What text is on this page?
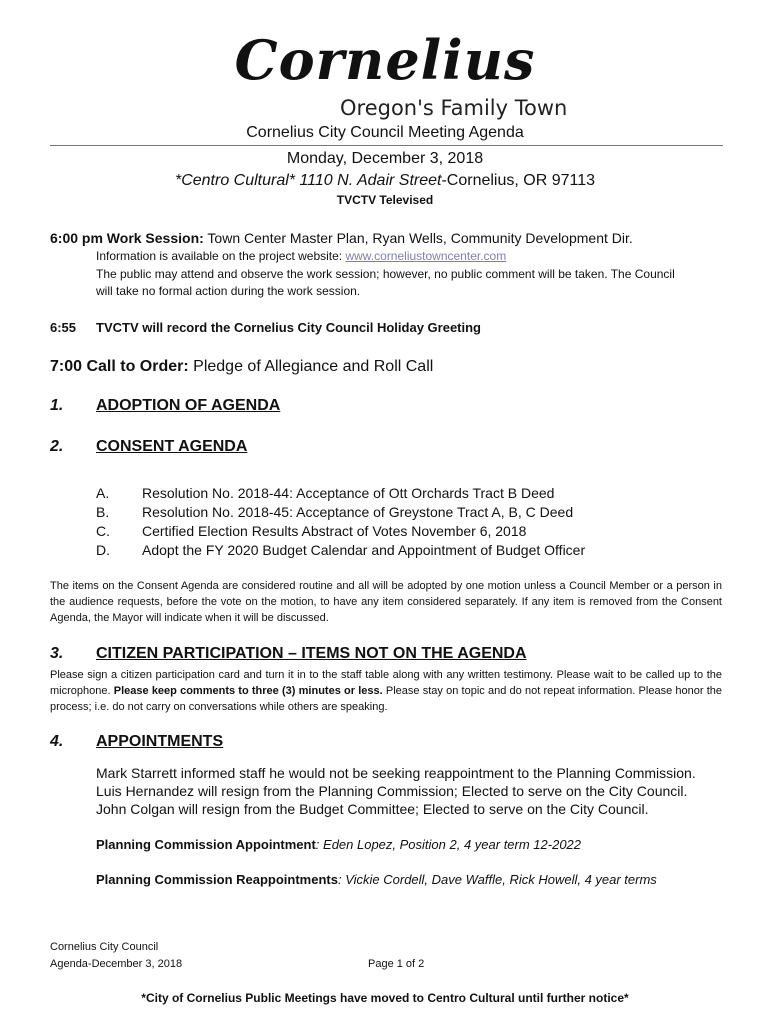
Cornelius
Oregon's Family Town
Cornelius City Council Meeting Agenda
Monday, December 3, 2018
*Centro Cultural* 1110 N. Adair Street-Cornelius, OR 97113
TVCTV Televised
6:00 pm Work Session: Town Center Master Plan, Ryan Wells, Community Development Dir.
Information is available on the project website: www.corneliustowncenter.com
The public may attend and observe the work session; however, no public comment will be taken. The Council
will take no formal action during the work session.
6:55 TVCTV will record the Cornelius City Council Holiday Greeting
7:00 Call to Order: Pledge of Allegiance and Roll Call
1. ADOPTION OF AGENDA
2. CONSENT AGENDA
A. Resolution No. 2018-44: Acceptance of Ott Orchards Tract B Deed
B. Resolution No. 2018-45: Acceptance of Greystone Tract A, B, C Deed
C. Certified Election Results Abstract of Votes November 6, 2018
D. Adopt the FY 2020 Budget Calendar and Appointment of Budget Officer
The items on the Consent Agenda are considered routine and all will be adopted by one motion unless a Council Member or a person in the audience requests, before the vote on the motion, to have any item considered separately. If any item is removed from the Consent Agenda, the Mayor will indicate when it will be discussed.
3. CITIZEN PARTICIPATION – ITEMS NOT ON THE AGENDA
Please sign a citizen participation card and turn it in to the staff table along with any written testimony. Please wait to be called up to the microphone. Please keep comments to three (3) minutes or less. Please stay on topic and do not repeat information. Please honor the process; i.e. do not carry on conversations while others are speaking.
4. APPOINTMENTS
Mark Starrett informed staff he would not be seeking reappointment to the Planning Commission.
Luis Hernandez will resign from the Planning Commission; Elected to serve on the City Council.
John Colgan will resign from the Budget Committee; Elected to serve on the City Council.
Planning Commission Appointment: Eden Lopez, Position 2, 4 year term 12-2022
Planning Commission Reappointments: Vickie Cordell, Dave Waffle, Rick Howell, 4 year terms
Cornelius City Council
Agenda-December 3, 2018	Page 1 of 2
*City of Cornelius Public Meetings have moved to Centro Cultural until further notice*
